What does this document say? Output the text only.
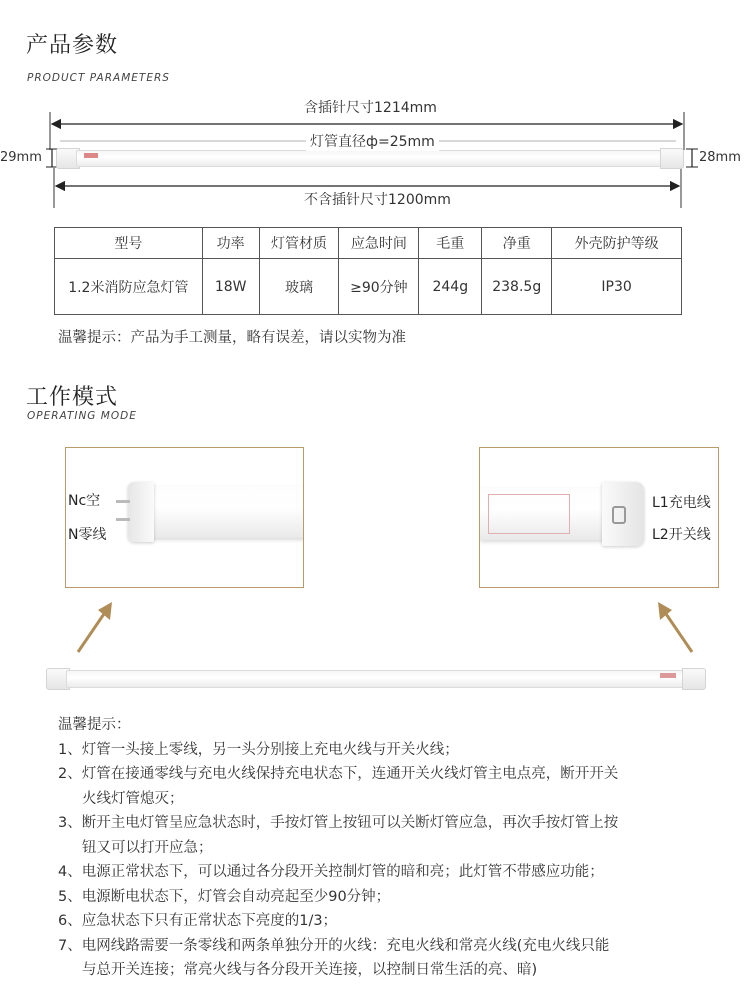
产品参数
PRODUCT PARAMETERS
含插针尺寸1214mm
灯管直径ф=25mm
29mm	28mm
不含插针尺寸1200mm
型号	功率	灯管材质	应急时间	毛重	净重	外壳防护等级
1.2米消防应急灯管	18W	玻璃	≥90分钟	244g	238.5g	IP30
温馨提示：产品为手工测量，略有误差，请以实物为准
工作模式
OPERATING MODE
Nc空
N零线
L1充电线
L2开关线

温馨提示：

1、灯管一头接上零线，另一头分别接上充电火线与开关火线；

2、灯管在接通零线与充电火线保持充电状态下，连通开关火线灯管主电点亮，断开开关

火线灯管熄灭；

3、断开主电灯管呈应急状态时，手按灯管上按钮可以关断灯管应急，再次手按灯管上按

钮又可以打开应急；

4、电源正常状态下，可以通过各分段开关控制灯管的暗和亮；此灯管不带感应功能；

5、电源断电状态下，灯管会自动亮起至少90分钟；

6、应急状态下只有正常状态下亮度的1/3；

7、电网线路需要一条零线和两条单独分开的火线：充电火线和常亮火线(充电火线只能

与总开关连接；常亮火线与各分段开关连接，以控制日常生活的亮、暗)
